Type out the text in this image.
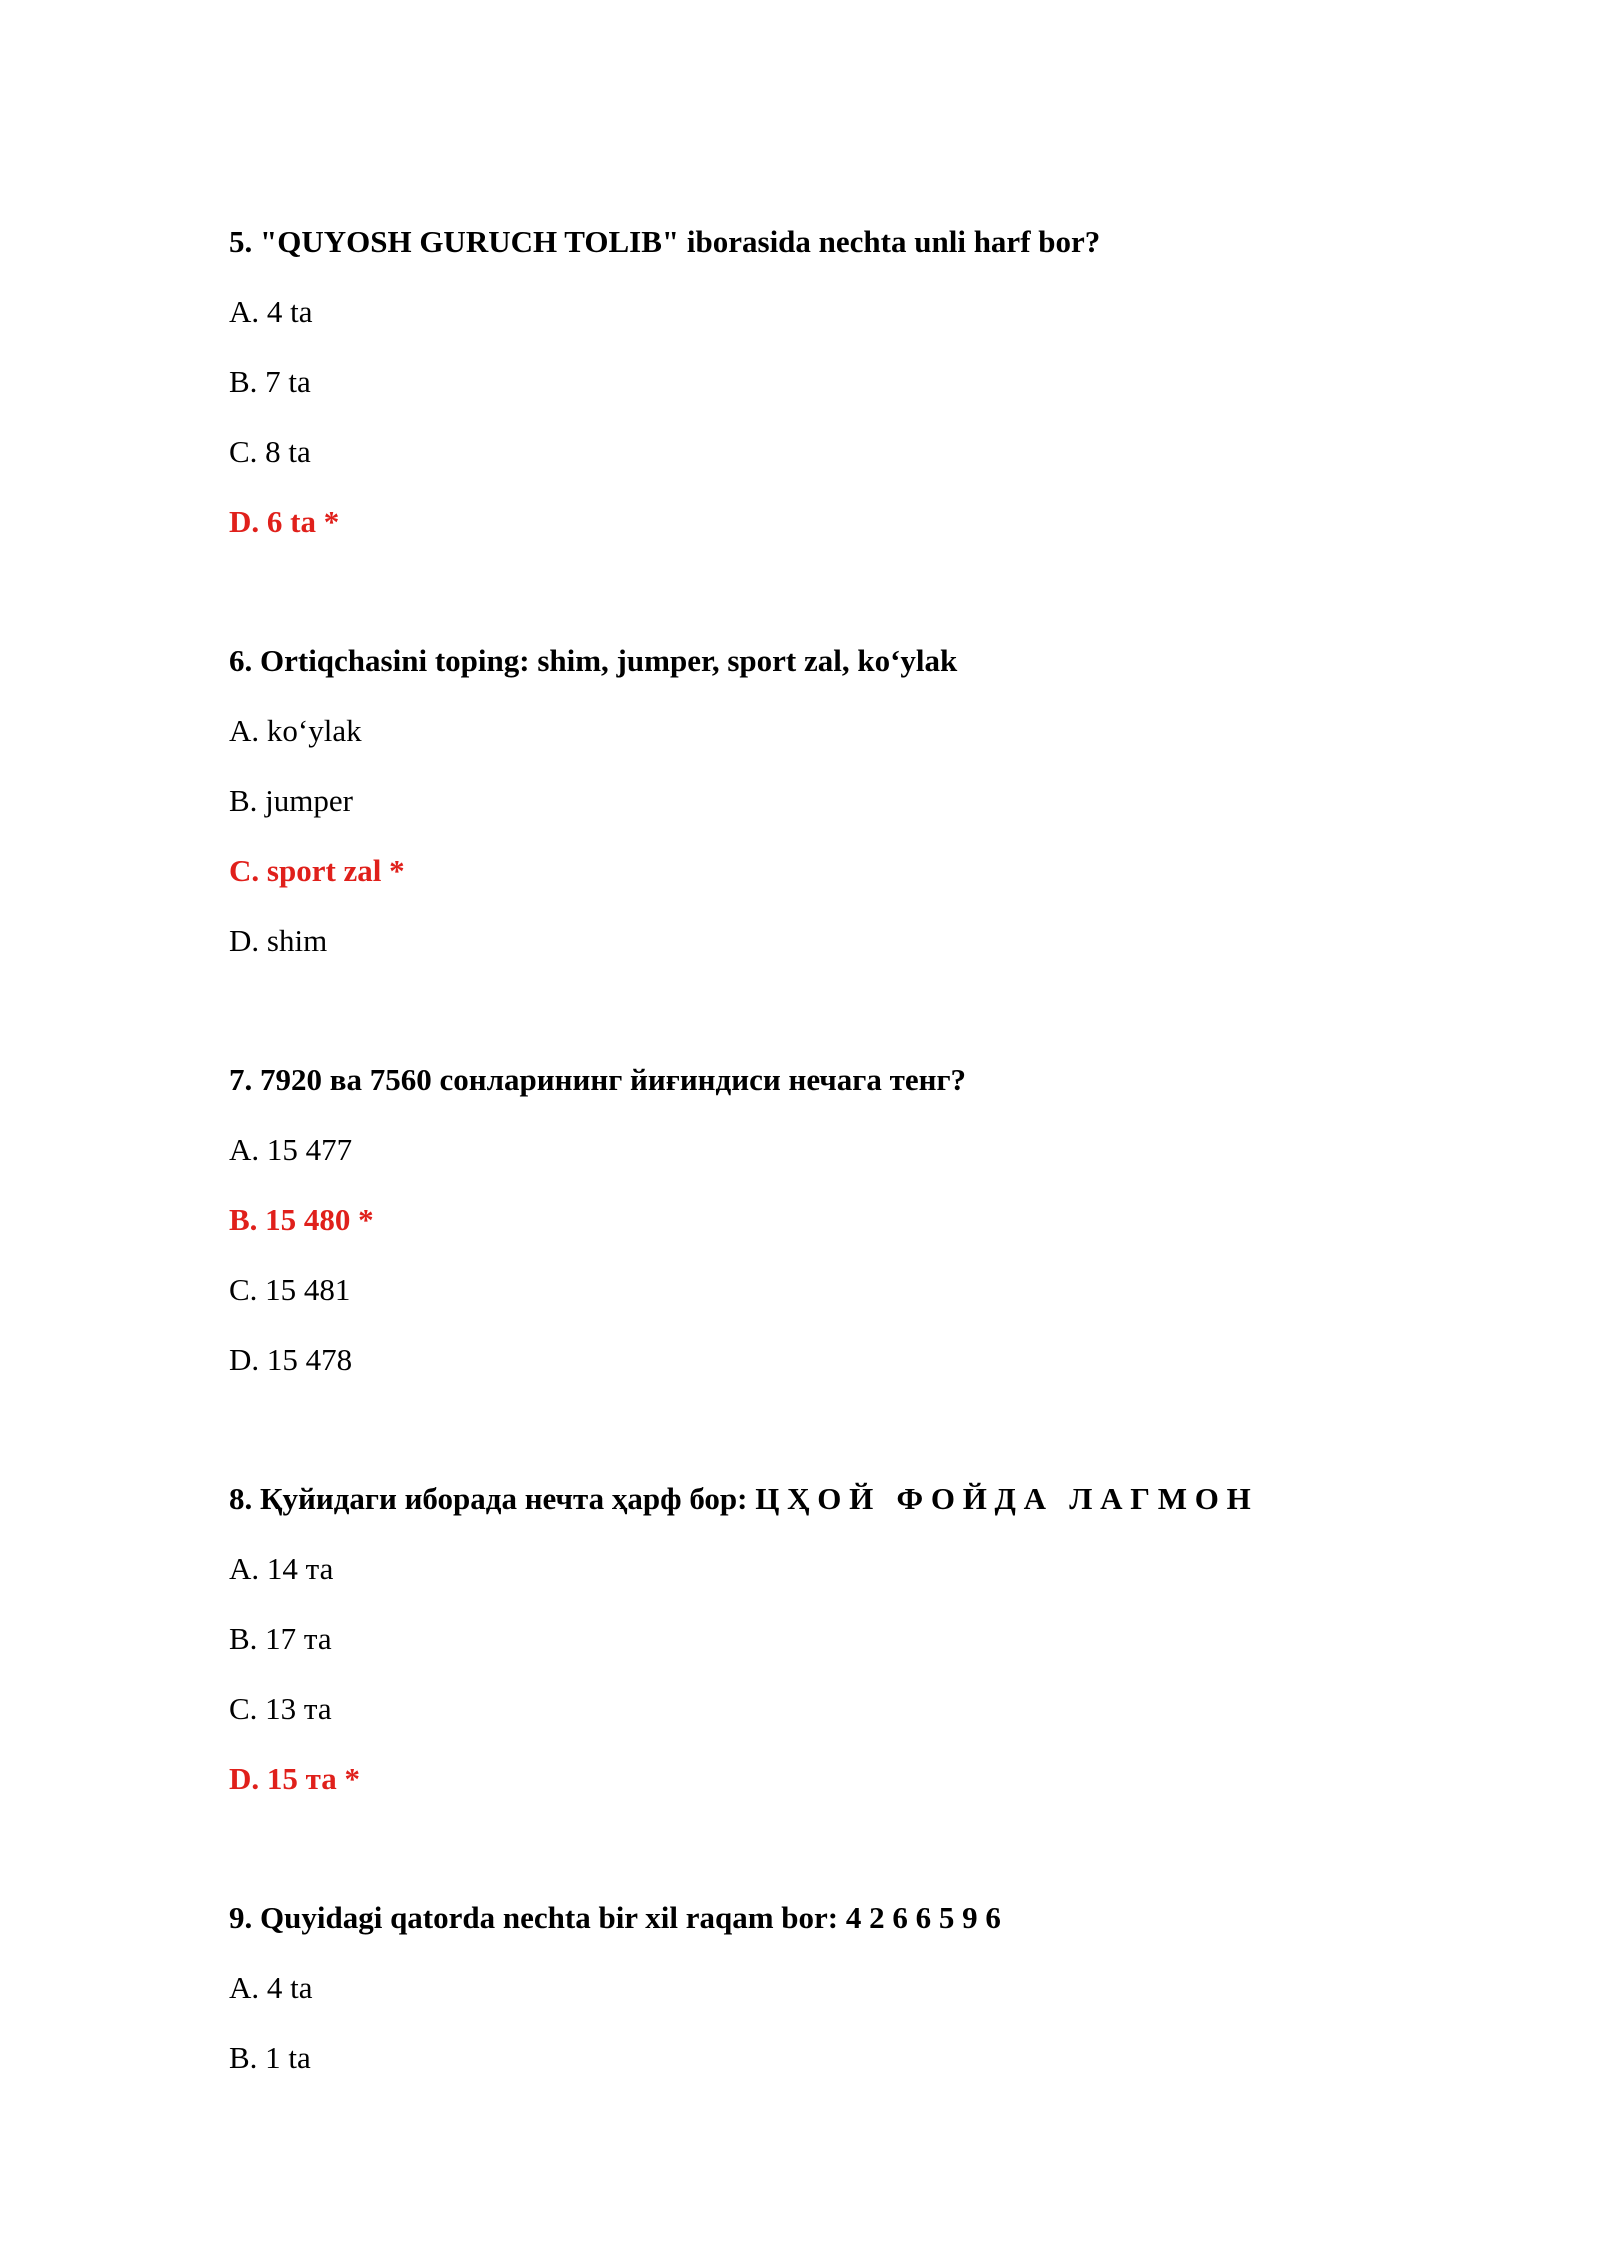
5. "QUYOSH GURUCH TOLIB" iborasida nechta unli harf bor?
A. 4 ta
B. 7 ta
C. 8 ta
D. 6 ta *
6. Ortiqchasini toping: shim, jumper, sport zal, ko‘ylak
A. ko‘ylak
B. jumper
C. sport zal *
D. shim
7. 7920 ва 7560 сонларининг йиғиндиси нечага тенг?
A. 15 477
B. 15 480 *
C. 15 481
D. 15 478
8. Қуйидаги иборада нечта ҳарф бор: Ц Ҳ О Й   Ф О Й Д А   Л А Г М О Н
A. 14 та
B. 17 та
C. 13 та
D. 15 та *
9. Quyidagi qatorda nechta bir xil raqam bor: 4 2 6 6 5 9 6
A. 4 ta
B. 1 ta
